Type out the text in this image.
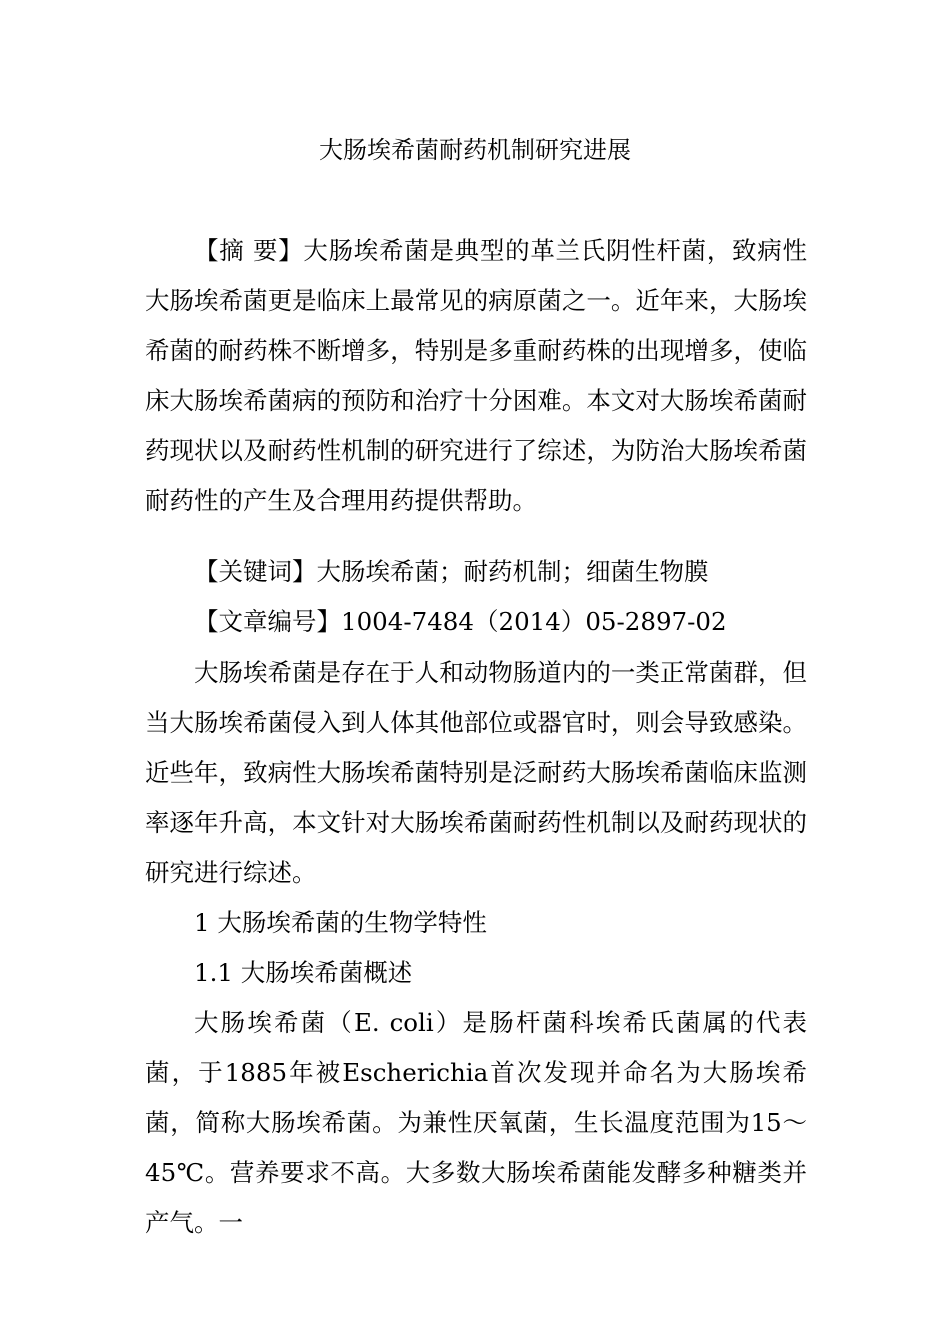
大肠埃希菌耐药机制研究进展

【摘 要】大肠埃希菌是典型的革兰氏阴性杆菌，致病性大肠埃希菌更是临床上最常见的病原菌之一。近年来，大肠埃希菌的耐药株不断增多，特别是多重耐药株的出现增多，使临床大肠埃希菌病的预防和治疗十分困难。本文对大肠埃希菌耐药现状以及耐药性机制的研究进行了综述，为防治大肠埃希菌耐药性的产生及合理用药提供帮助。

【关键词】大肠埃希菌；耐药机制；细菌生物膜

【文章编号】1004-7484（2014）05-2897-02

大肠埃希菌是存在于人和动物肠道内的一类正常菌群，但当大肠埃希菌侵入到人体其他部位或器官时，则会导致感染。近些年，致病性大肠埃希菌特别是泛耐药大肠埃希菌临床监测率逐年升高，本文针对大肠埃希菌耐药性机制以及耐药现状的研究进行综述。

1 大肠埃希菌的生物学特性

1.1 大肠埃希菌概述

大肠埃希菌（E. coli）是肠杆菌科埃希氏菌属的代表菌，于1885年被Escherichia首次发现并命名为大肠埃希菌，简称大肠埃希菌。为兼性厌氧菌，生长温度范围为15～45℃。营养要求不高。大多数大肠埃希菌能发酵多种糖类并产气。一
